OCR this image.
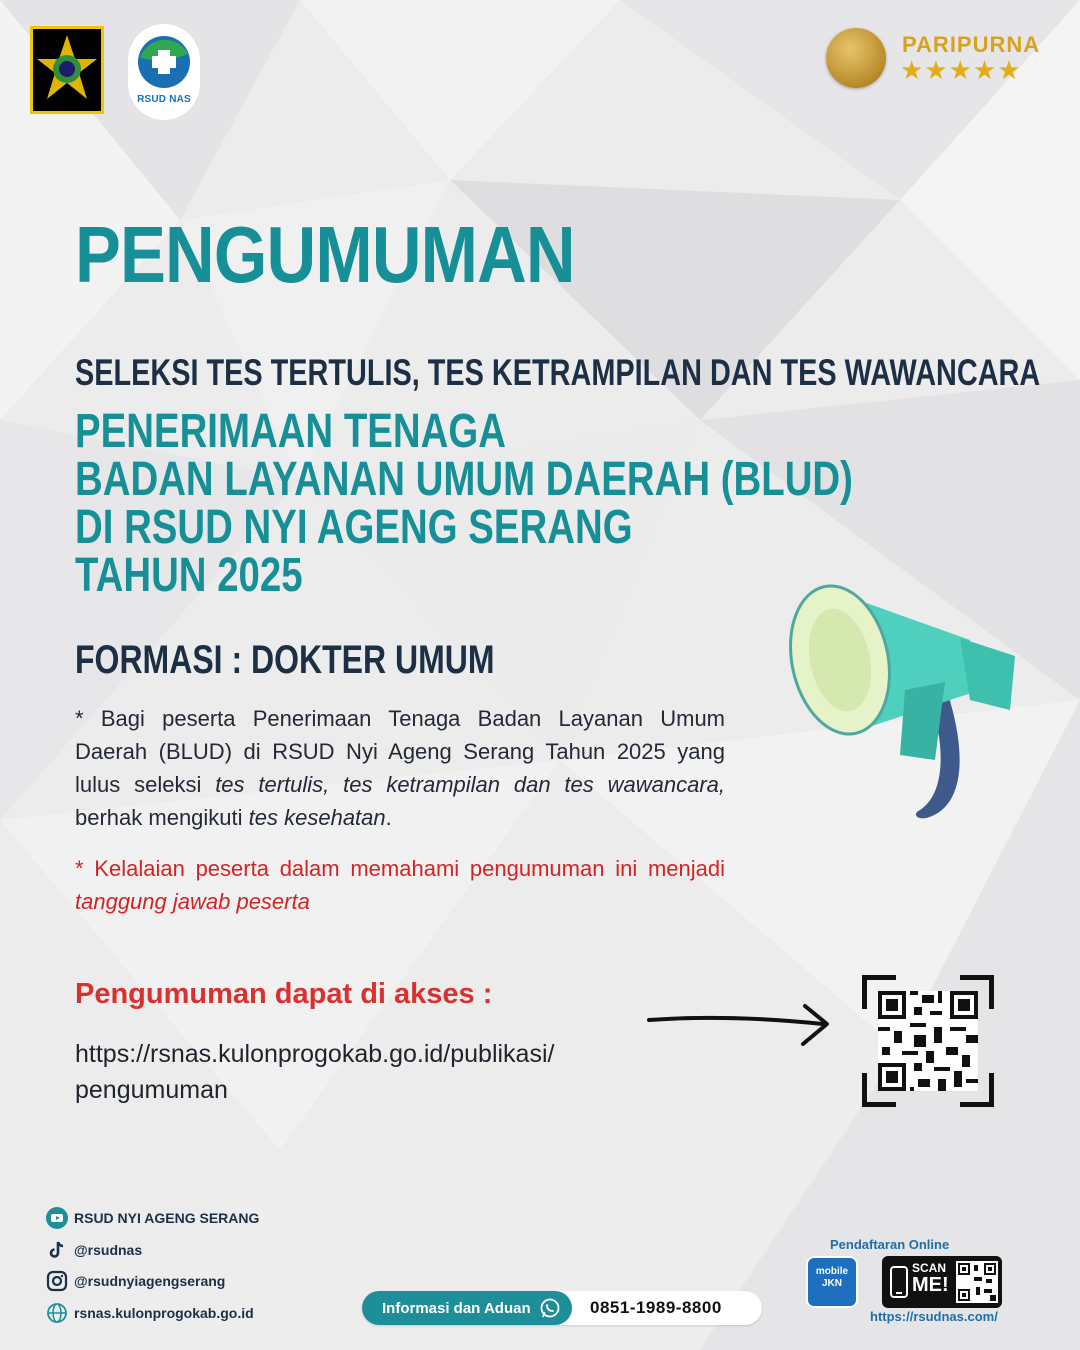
RSUD NAS
PARIPURNA
★★★★★
PENGUMUMAN
SELEKSI TES TERTULIS, TES KETRAMPILAN DAN TES WAWANCARA
PENERIMAAN TENAGA
BADAN LAYANAN UMUM DAERAH (BLUD)
DI RSUD NYI AGENG SERANG
TAHUN 2025
FORMASI : DOKTER UMUM

* Bagi peserta Penerimaan Tenaga Badan Layanan Umum Daerah (BLUD) di RSUD Nyi Ageng Serang Tahun 2025 yang lulus seleksi tes tertulis, tes ketrampilan dan tes wawancara, berhak mengikuti tes kesehatan.

* Kelalaian peserta dalam memahami pengumuman ini menjadi tanggung jawab peserta

Pengumuman dapat di akses :
https://rsnas.kulonprogokab.go.id/publikasi/
pengumuman
RSUD NYI AGENG SERANG
@rsudnas
@rsudnyiagengserang
rsnas.kulonprogokab.go.id	Informasi dan Aduan	0851-1989-8800
Pendaftaran Online
mobile
JKN
SCAN
ME!
https://rsudnas.com/
